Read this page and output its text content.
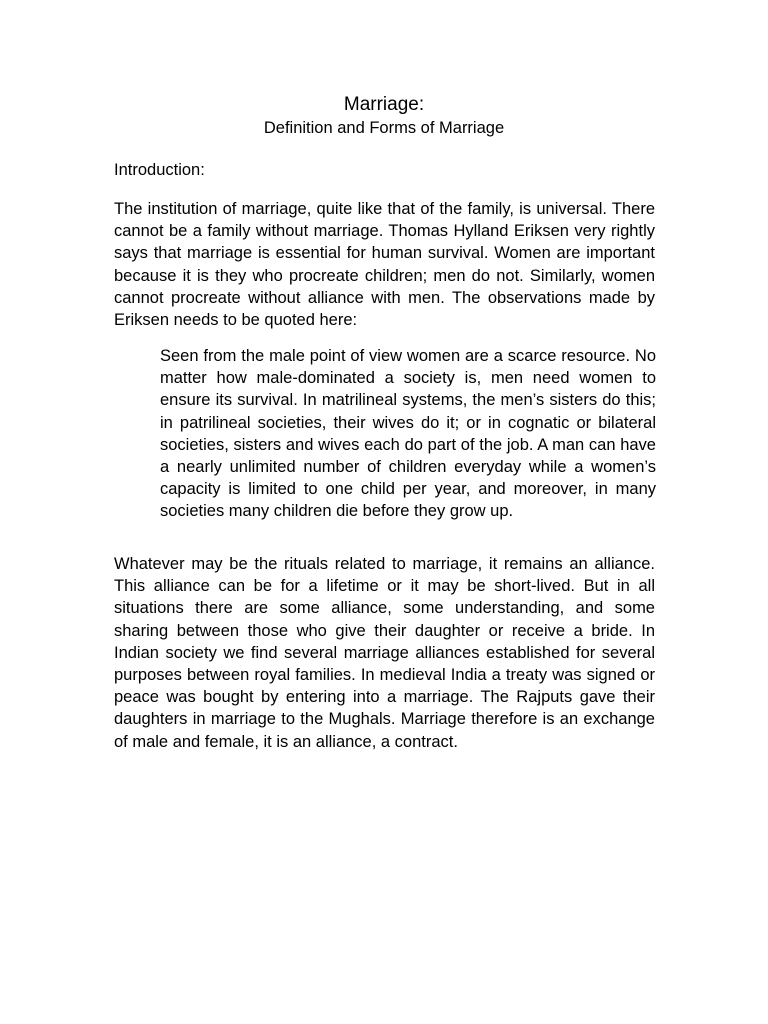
Marriage:
Definition and Forms of Marriage
Introduction:

The institution of marriage, quite like that of the family, is universal. There cannot be a family without marriage. Thomas Hylland Eriksen very rightly says that marriage is essential for human survival. Women are important because it is they who procreate children; men do not. Similarly, women cannot procreate without alliance with men. The observations made by Eriksen needs to be quoted here:

Seen from the male point of view women are a scarce resource. No matter how male-dominated a society is, men need women to ensure its survival. In matrilineal systems, the men’s sisters do this; in patrilineal societies, their wives do it; or in cognatic or bilateral societies, sisters and wives each do part of the job. A man can have a nearly unlimited number of children everyday while a women’s capacity is limited to one child per year, and moreover, in many societies many children die before they grow up.

Whatever may be the rituals related to marriage, it remains an alliance. This alliance can be for a lifetime or it may be short-lived. But in all situations there are some alliance, some understanding, and some sharing between those who give their daughter or receive a bride. In Indian society we find several marriage alliances established for several purposes between royal families. In medieval India a treaty was signed or peace was bought by entering into a marriage. The Rajputs gave their daughters in marriage to the Mughals. Marriage therefore is an exchange of male and female, it is an alliance, a contract.
